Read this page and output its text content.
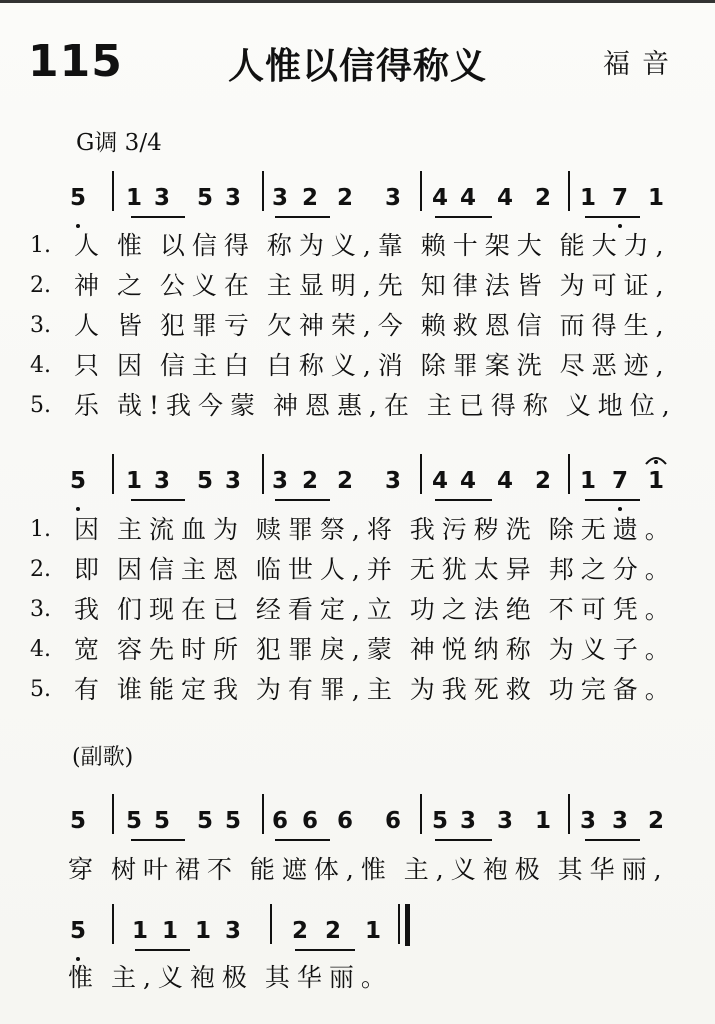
115	人惟以信得称义	福音
G调 3/4
5	1 3	5 3	3 2 2	3	4 4 4 2	1 7 1
1. 人 惟 以信得 称为义,靠 赖十架大 能大力,
2. 神 之 公义在 主显明,先 知律法皆 为可证,
3. 人 皆 犯罪亏 欠神荣,今 赖救恩信 而得生,
4. 只 因 信主白 白称义,消 除罪案洗 尽恶迹,
5. 乐 哉!我今蒙 神恩惠,在 主已得称 义地位,
5	1 3	5 3	3 2 2	3	4 4 4 2	1 7 1
1. 因 主流血为 赎罪祭,将 我污秽洗 除无遗。
2. 即 因信主恩 临世人,并 无犹太异 邦之分。
3. 我 们现在已 经看定,立 功之法绝 不可凭。
4. 宽 容先时所 犯罪戾,蒙 神悦纳称 为义子。
5. 有 谁能定我 为有罪,主 为我死救 功完备。
(副歌)
5	5 5	5 5	6 6 6	6	5 3 3 1	3 3 2
穿 树叶裙不 能遮体,惟 主,义袍极 其华丽,
5	1 1 1 3	2 2	1
惟 主,义袍极 其华丽。
